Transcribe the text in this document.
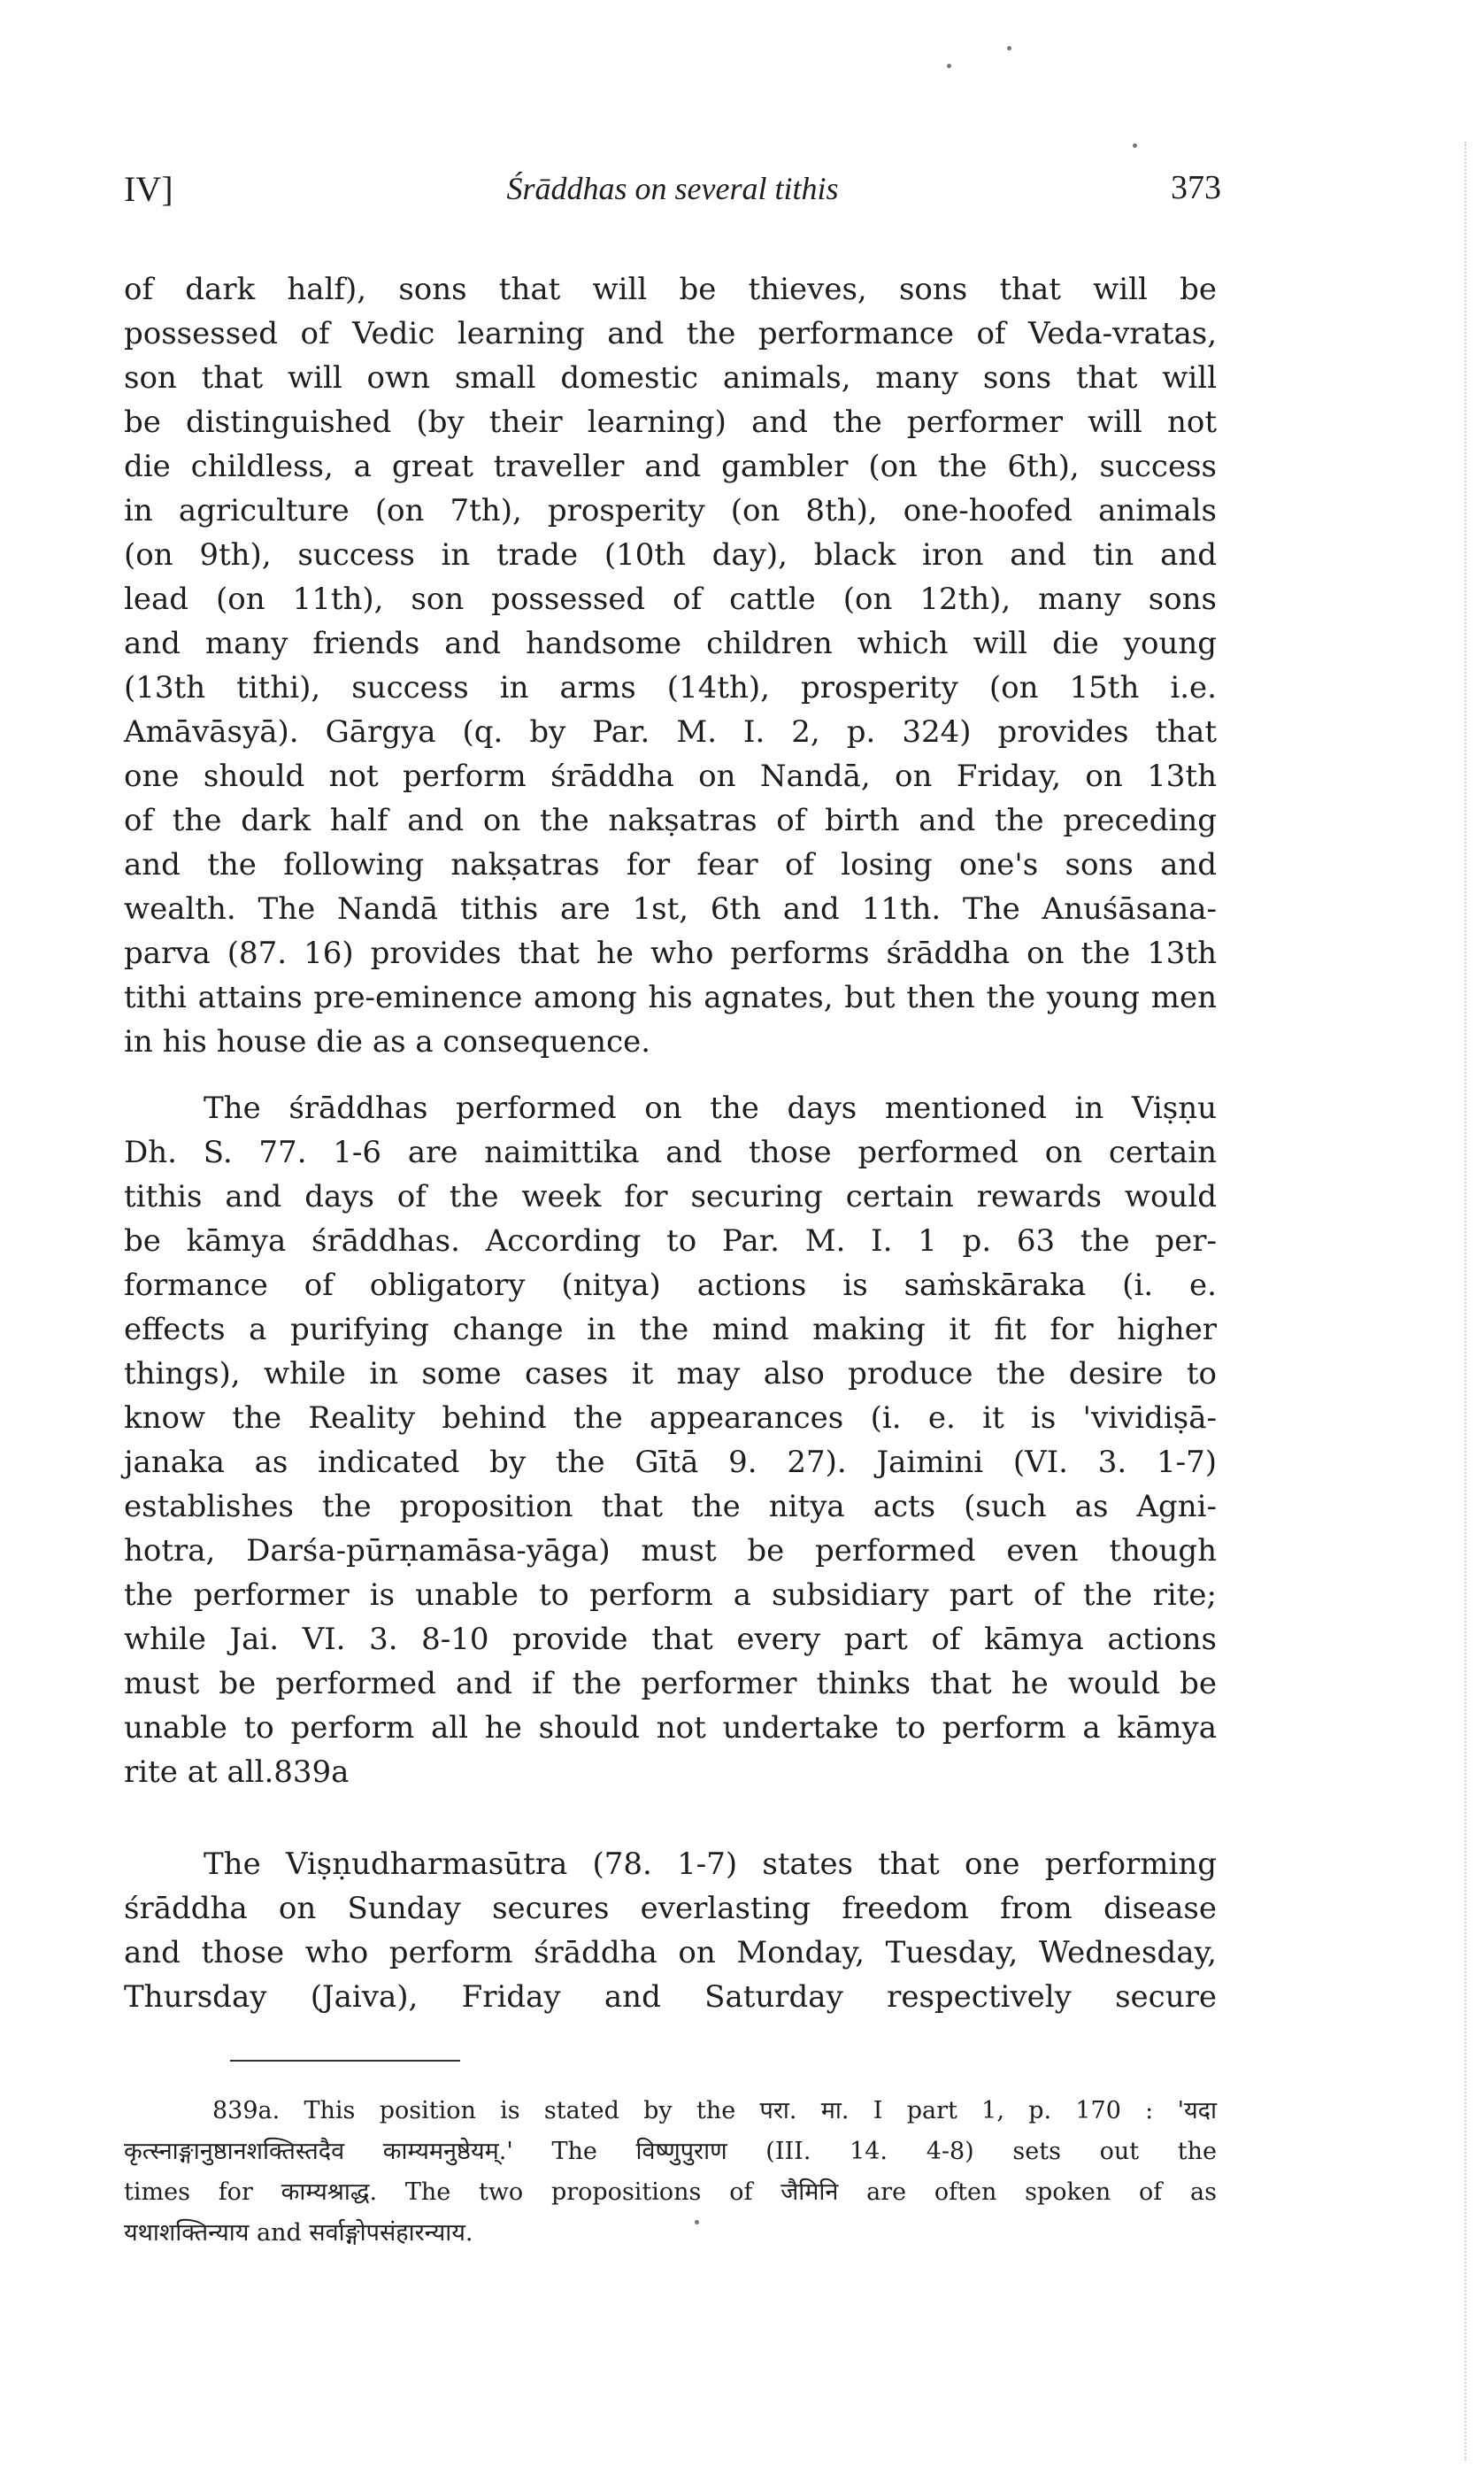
IV]	Śrāddhas on several tithis	373
of dark half), sons that will be thieves, sons that will be
possessed of Vedic learning and the performance of Veda-vratas,
son that will own small domestic animals, many sons that will
be distinguished (by their learning) and the performer will not
die childless, a great traveller and gambler (on the 6th), success
in agriculture (on 7th), prosperity (on 8th), one-hoofed animals
(on 9th), success in trade (10th day), black iron and tin and
lead (on 11th), son possessed of cattle (on 12th), many sons
and many friends and handsome children which will die young
(13th tithi), success in arms (14th), prosperity (on 15th i.e.
Amāvāsyā). Gārgya (q. by Par. M. I. 2, p. 324) provides that
one should not perform śrāddha on Nandā, on Friday, on 13th
of the dark half and on the nakṣatras of birth and the preceding
and the following nakṣatras for fear of losing one's sons and
wealth. The Nandā tithis are 1st, 6th and 11th. The Anuśāsana-
parva (87. 16) provides that he who performs śrāddha on the 13th
tithi attains pre-eminence among his agnates, but then the young men
in his house die as a consequence.
The śrāddhas performed on the days mentioned in Viṣṇu
Dh. S. 77. 1-6 are naimittika and those performed on certain
tithis and days of the week for securing certain rewards would
be kāmya śrāddhas. According to Par. M. I. 1 p. 63 the per-
formance of obligatory (nitya) actions is saṁskāraka (i. e.
effects a purifying change in the mind making it fit for higher
things), while in some cases it may also produce the desire to
know the Reality behind the appearances (i. e. it is 'vividiṣā-
janaka as indicated by the Gītā 9. 27). Jaimini (VI. 3. 1-7)
establishes the proposition that the nitya acts (such as Agni-
hotra, Darśa-pūrṇamāsa-yāga) must be performed even though
the performer is unable to perform a subsidiary part of the rite;
while Jai. VI. 3. 8-10 provide that every part of kāmya actions
must be performed and if the performer thinks that he would be
unable to perform all he should not undertake to perform a kāmya
rite at all.839a
The Viṣṇudharmasūtra (78. 1-7) states that one performing
śrāddha on Sunday secures everlasting freedom from disease
and those who perform śrāddha on Monday, Tuesday, Wednesday,
Thursday (Jaiva), Friday and Saturday respectively secure
839a. This position is stated by the परा. मा. I part 1, p. 170 : 'यदा
कृत्स्नाङ्गानुष्ठानशक्तिस्तदैव काम्यमनुष्ठेयम्.' The विष्णुपुराण (III. 14. 4-8) sets out the
times for काम्यश्राद्ध. The two propositions of जैमिनि are often spoken of as
यथाशक्तिन्याय and सर्वाङ्गोपसंहारन्याय.
